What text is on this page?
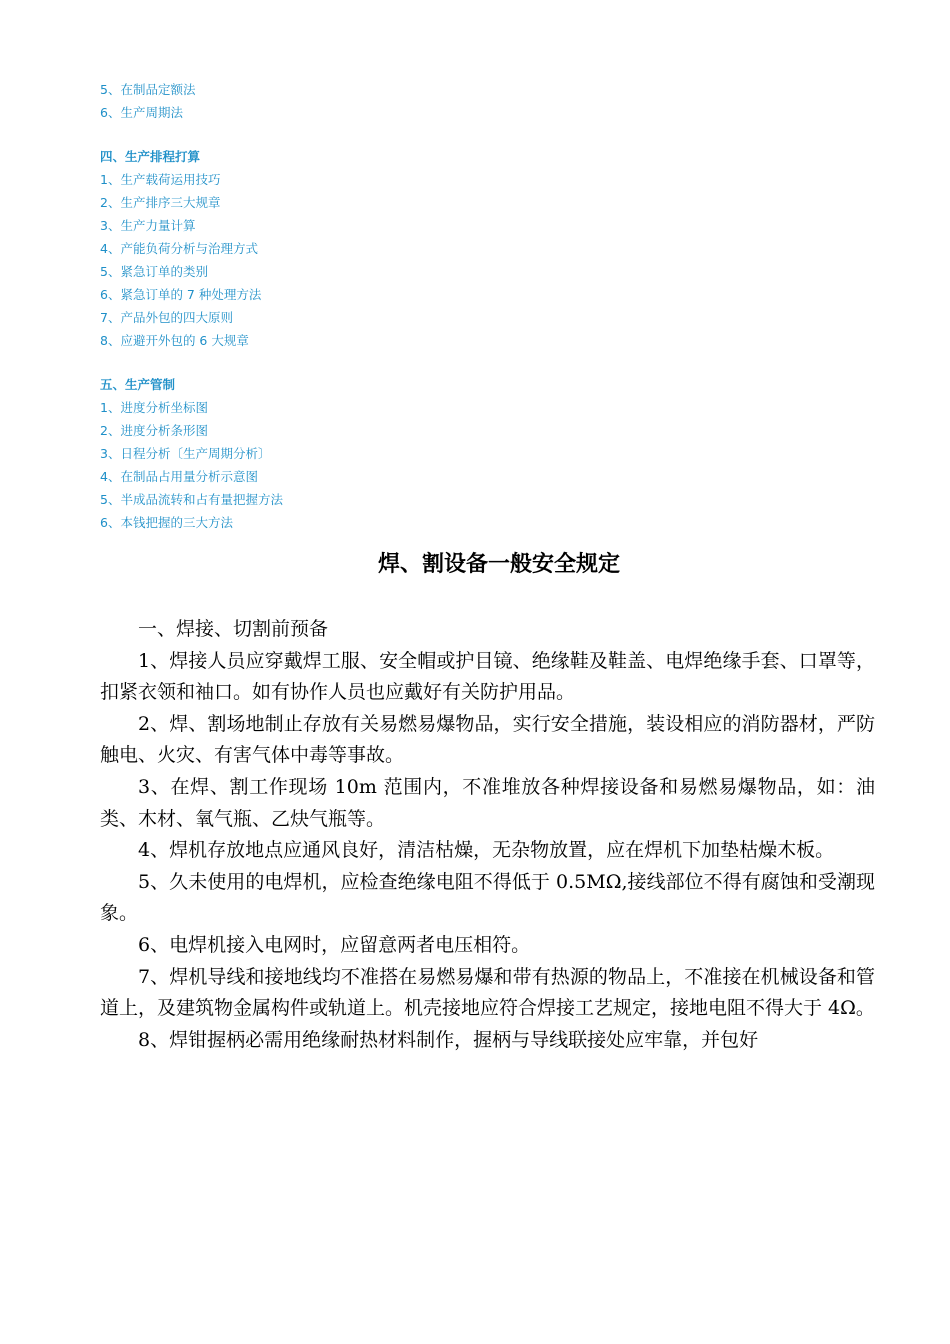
5、在制品定额法
6、生产周期法
四、生产排程打算
1、生产载荷运用技巧
2、生产排序三大规章
3、生产力量计算
4、产能负荷分析与治理方式
5、紧急订单的类别
6、紧急订单的 7 种处理方法
7、产品外包的四大原则
8、应避开外包的 6 大规章
五、生产管制
1、进度分析坐标图
2、进度分析条形图
3、日程分析〔生产周期分析〕
4、在制品占用量分析示意图
5、半成品流转和占有量把握方法
6、本钱把握的三大方法
焊、割设备一般安全规定

一、焊接、切割前预备

1、焊接人员应穿戴焊工服、安全帽或护目镜、绝缘鞋及鞋盖、电焊绝缘手套、口罩等，扣紧衣领和袖口。如有协作人员也应戴好有关防护用品。

2、焊、割场地制止存放有关易燃易爆物品，实行安全措施，装设相应的消防器材，严防触电、火灾、有害气体中毒等事故。

3、在焊、割工作现场 10m 范围内，不准堆放各种焊接设备和易燃易爆物品，如：油类、木材、氧气瓶、乙炔气瓶等。

4、焊机存放地点应通风良好，清洁枯燥，无杂物放置，应在焊机下加垫枯燥木板。

5、久未使用的电焊机，应检查绝缘电阻不得低于 0.5MΩ,接线部位不得有腐蚀和受潮现象。

6、电焊机接入电网时，应留意两者电压相符。

7、焊机导线和接地线均不准搭在易燃易爆和带有热源的物品上，不准接在机械设备和管道上，及建筑物金属构件或轨道上。机壳接地应符合焊接工艺规定，接地电阻不得大于 4Ω。

8、焊钳握柄必需用绝缘耐热材料制作，握柄与导线联接处应牢靠，并包好
